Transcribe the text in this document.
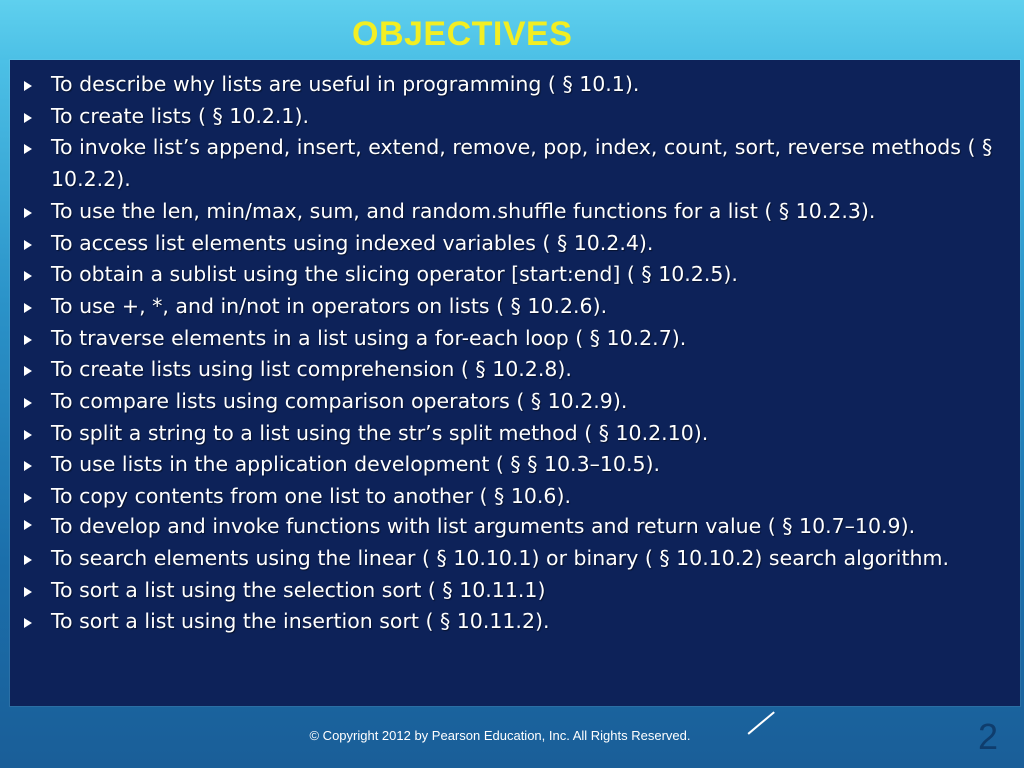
OBJECTIVES
To describe why lists are useful in programming ( § 10.1).
To create lists ( § 10.2.1).
To invoke list’s append, insert, extend, remove, pop, index, count, sort, reverse methods ( § 10.2.2).
To use the len, min/max, sum, and random.shuffle functions for a list ( § 10.2.3).
To access list elements using indexed variables ( § 10.2.4).
To obtain a sublist using the slicing operator [start:end] ( § 10.2.5).
To use +, *, and in/not in operators on lists ( § 10.2.6).
To traverse elements in a list using a for-each loop ( § 10.2.7).
To create lists using list comprehension ( § 10.2.8).
To compare lists using comparison operators ( § 10.2.9).
To split a string to a list using the str’s split method ( § 10.2.10).
To use lists in the application development ( § § 10.3–10.5).
To copy contents from one list to another ( § 10.6).
To develop and invoke functions with list arguments and return value ( § 10.7–10.9).
To search elements using the linear ( § 10.10.1) or binary ( § 10.10.2) search algorithm.
To sort a list using the selection sort ( § 10.11.1)
To sort a list using the insertion sort ( § 10.11.2).
© Copyright 2012 by Pearson Education, Inc. All Rights Reserved.	2
